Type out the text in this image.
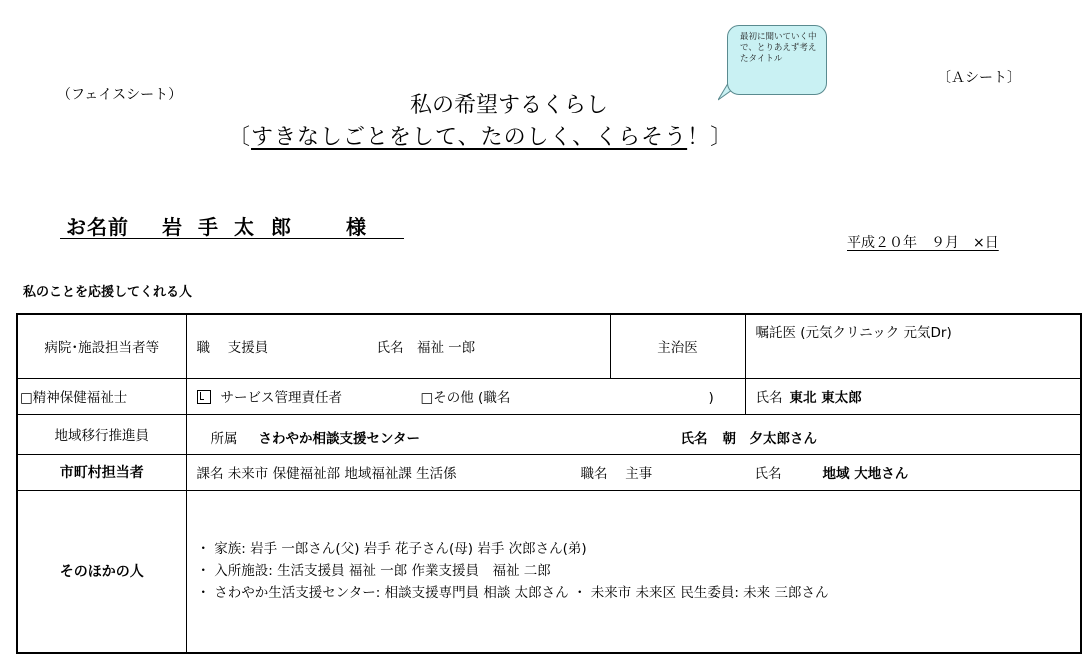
（フェイスシート）
〔Ａシート〕
最初に聞いていく中で、とりあえず考えたタイトル
私の希望するくらし
〔すきなしごとをして、たのしく、くらそう！〕
お名前 岩 手 太 郎	様
平成２０年　９月　×日
私のことを応援してくれる人
病院･施設担当者等	職　 支援員 氏名　福祉 一郎	主治医	嘱託医 (元気クリニック 元気Dr)
□精神保健福祉士	サービス管理責任者 □その他 (職名 )		氏名 東北 東太郎
地域移行推進員	所属 さわやか相談支援センター 氏名 朝　夕太郎さん		
市町村担当者	課名 未来市 保健福祉部 地域福祉課 生活係 職名　 主事 氏名 地域 大地さん		
そのほかの人	・ 家族: 岩手 一郎さん(父) 岩手 花子さん(母) 岩手 次郎さん(弟)
・ 入所施設: 生活支援員 福祉 一郎 作業支援員　福祉 二郎
・ さわやか生活支援センター: 相談支援専門員 相談 太郎さん ・ 未来市 未来区 民生委員: 未来 三郎さん		
